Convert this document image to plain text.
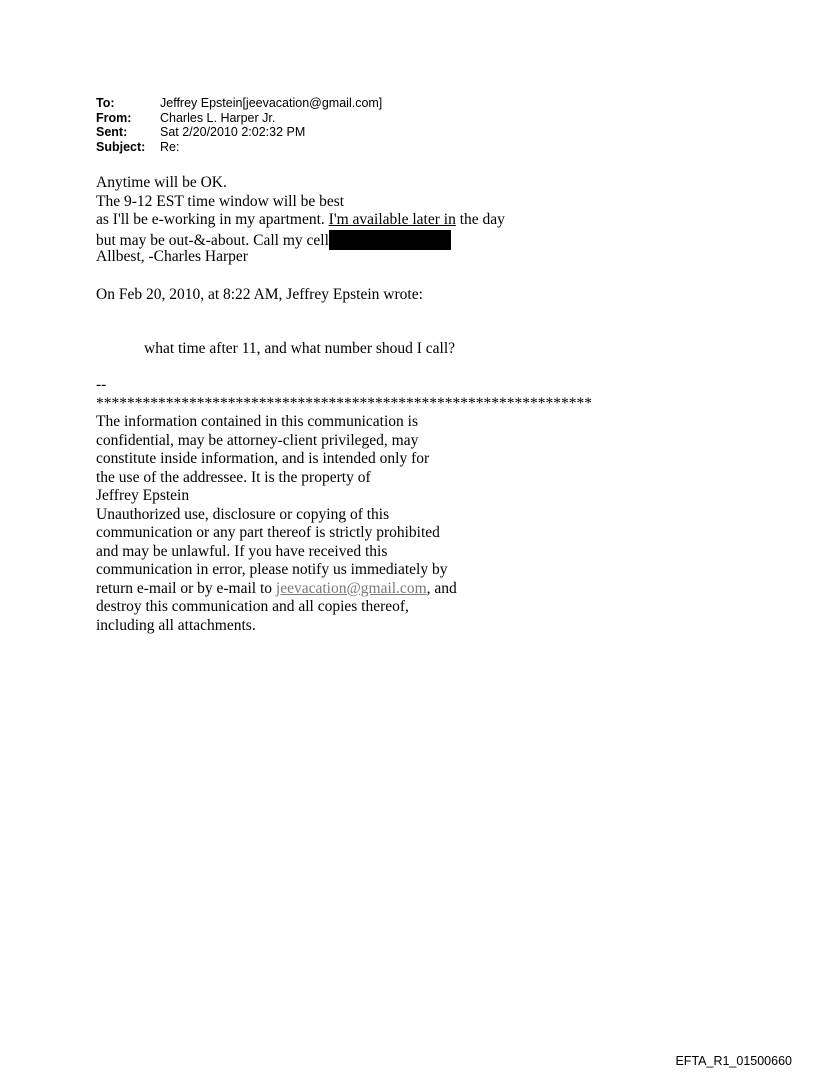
To:	Jeffrey Epstein[jeevacation@gmail.com]
From:	Charles L. Harper Jr.
Sent:	Sat 2/20/2010 2:02:32 PM
Subject:	Re:
Anytime will be OK.
The 9-12 EST time window will be best
as I'll be e-working in my apartment. I'm available later in the day
but may be out-&-about. Call my cell
Allbest, -Charles Harper
On Feb 20, 2010, at 8:22 AM, Jeffrey Epstein wrote:
what time after 11, and what number shoud I call?
--
****************************************************************
The information contained in this communication is
confidential, may be attorney-client privileged, may
constitute inside information, and is intended only for
the use of the addressee. It is the property of
Jeffrey Epstein
Unauthorized use, disclosure or copying of this
communication or any part thereof is strictly prohibited
and may be unlawful. If you have received this
communication in error, please notify us immediately by
return e-mail or by e-mail to jeevacation@gmail.com, and
destroy this communication and all copies thereof,
including all attachments.
EFTA_R1_01500660
